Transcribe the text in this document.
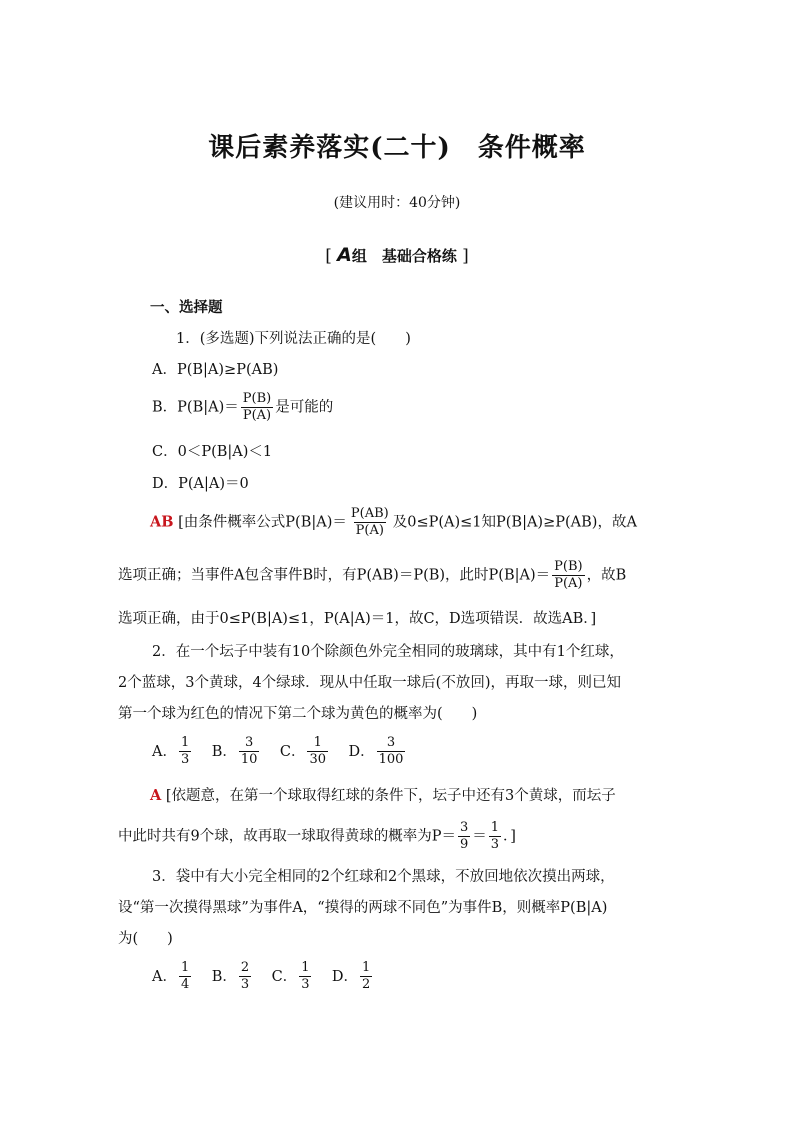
课后素养落实(二十)　条件概率
(建议用时：40分钟)
[ A组　基础合格练 ]
一、选择题
1．(多选题)下列说法正确的是(　　)
A．P(B|A)≥P(AB)
B．$P(B|A)= \frac{P(B)}{P(A)}$ 是可能的
C．0＜P(B|A)＜1
D．P(A|A)＝0
AB [由条件概率公式$P(B|A)= \frac{P(AB)}{P(A)}$ 及0≤P(A)≤1知P(B|A)≥P(AB)，故A
选项正确；当事件A包含事件B时，有P(AB)＝P(B)，此时$P(B|A)= \frac{P(B)}{P(A)}$ ，故B
选项正确，由于0≤P(B|A)≤1，P(A|A)＝1，故C，D选项错误．故选AB．]
2．在一个坛子中装有10个除颜色外完全相同的玻璃球，其中有1个红球，
2个蓝球，3个黄球，4个绿球．现从中任取一球后(不放回)，再取一球，则已知
第一个球为红色的情况下第二个球为黄色的概率为(　　)
A． $\frac{1}{3}$ B． $\frac{3}{10}$ C． $\frac{1}{30}$ D． $\frac{3}{100}$
A [依题意，在第一个球取得红球的条件下，坛子中还有3个黄球，而坛子
中此时共有9个球，故再取一球取得黄球的概率为$P= \frac{3}{9} = \frac{1}{3}$ ．]
3．袋中有大小完全相同的2个红球和2个黑球，不放回地依次摸出两球，
设“第一次摸得黑球”为事件A，“摸得的两球不同色”为事件B，则概率P(B|A)
为(　　)
A． $\frac{1}{4}$ B． $\frac{2}{3}$ C． $\frac{1}{3}$ D． $\frac{1}{2}$
